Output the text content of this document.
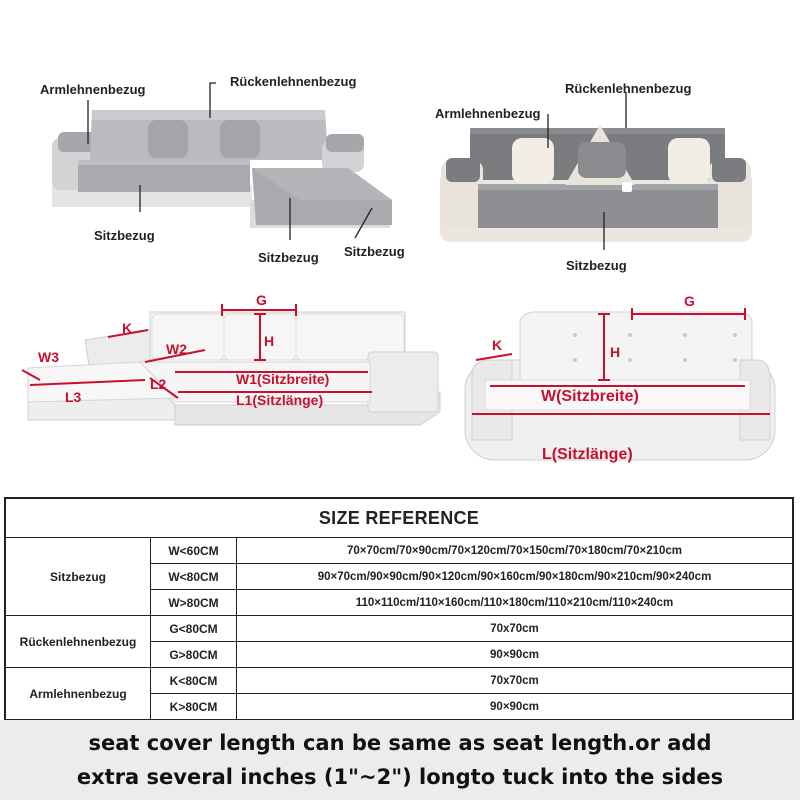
Armlehnenbezug
Rückenlehnenbezug
Sitzbezug
Sitzbezug Sitzbezug
Armlehnenbezug
Rückenlehnenbezug
Sitzbezug
G
K
H
W3	W2
L2
L3
W1(Sitzbreite)
L1(Sitzlänge)
G
K	H
W(Sitzbreite)
L(Sitzlänge)
SIZE REFERENCE
Sitzbezug
W<60CM	70×70cm/70×90cm/70×120cm/70×150cm/70×180cm/70×210cm
W<80CM	90×70cm/90×90cm/90×120cm/90×160cm/90×180cm/90×210cm/90×240cm
W>80CM	110×110cm/110×160cm/110×180cm/110×210cm/110×240cm
Rückenlehnenbezug
G<80CM	70x70cm
G>80CM	90×90cm
Armlehnenbezug
K<80CM	70x70cm
K>80CM	90×90cm
seat cover length can be same as seat length.or add
extra several inches (1"~2") longto tuck into the sides
